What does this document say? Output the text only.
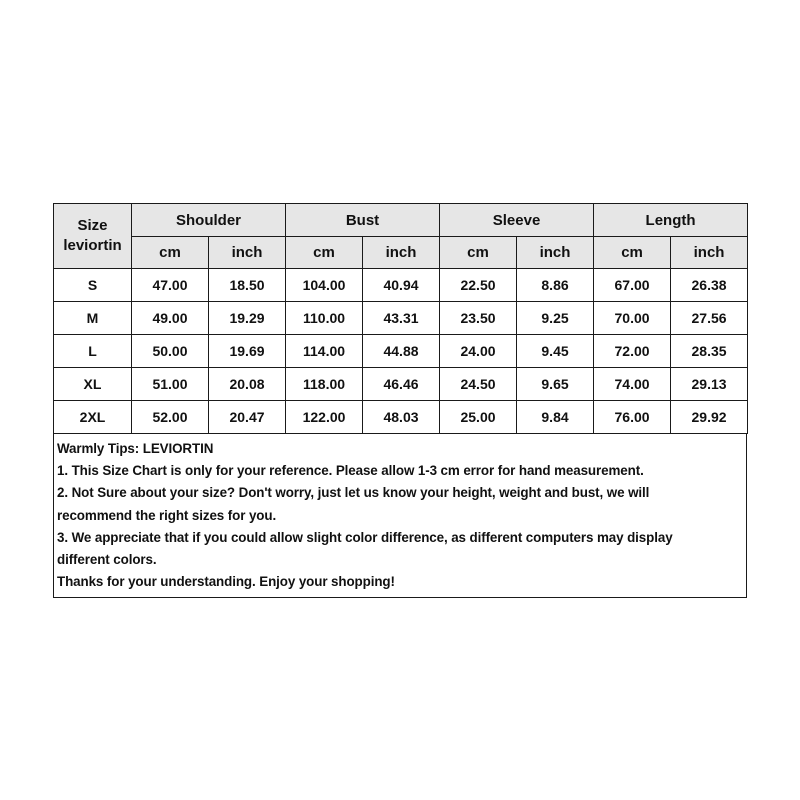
Size
leviortin	Shoulder		Bust		Sleeve		Length	
	cm	inch	cm	inch	cm	inch	cm	inch
S	47.00	18.50	104.00	40.94	22.50	8.86	67.00	26.38
M	49.00	19.29	110.00	43.31	23.50	9.25	70.00	27.56
L	50.00	19.69	114.00	44.88	24.00	9.45	72.00	28.35
XL	51.00	20.08	118.00	46.46	24.50	9.65	74.00	29.13
2XL	52.00	20.47	122.00	48.03	25.00	9.84	76.00	29.92
Warmly Tips: LEVIORTIN
1. This Size Chart is only for your reference. Please allow 1-3 cm error for hand measurement.
2. Not Sure about your size? Don't worry, just let us know your height, weight and bust, we will
recommend the right sizes for you.
3. We appreciate that if you could allow slight color difference, as different computers may display
different colors.
Thanks for your understanding. Enjoy your shopping!
